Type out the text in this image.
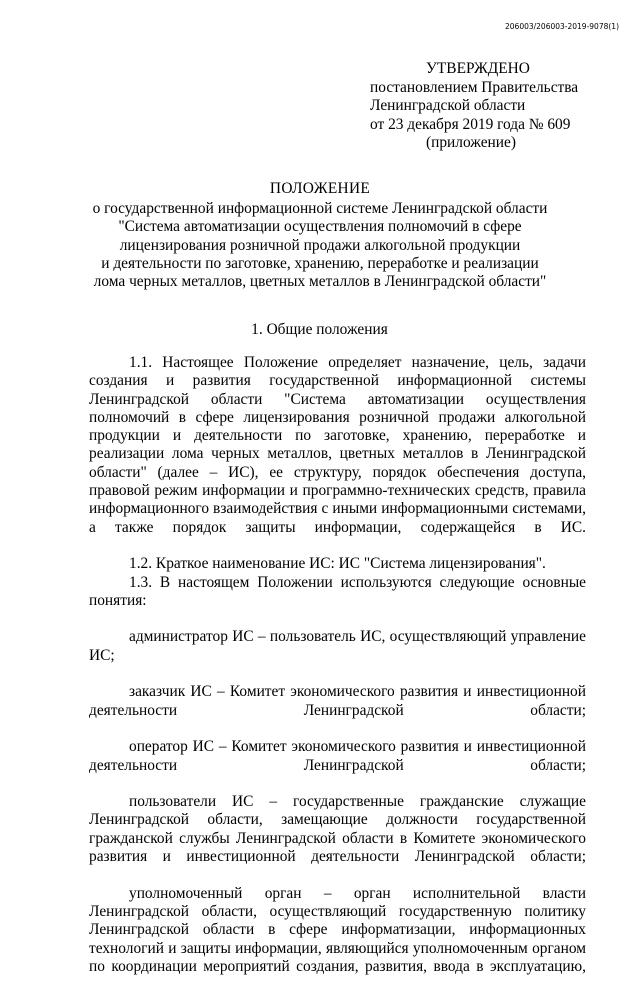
206003/206003-2019-9078(1)
УТВЕРЖДЕНО
постановлением Правительства
Ленинградской области
от 23 декабря 2019 года № 609
(приложение)
ПОЛОЖЕНИЕ
о государственной информационной системе Ленинградской области
"Система автоматизации осуществления полномочий в сфере
лицензирования розничной продажи алкогольной продукции
и деятельности по заготовке, хранению, переработке и реализации
лома черных металлов, цветных металлов в Ленинградской области"
1. Общие положения

1.1. Настоящее Положение определяет назначение, цель, задачи создания и развития государственной информационной системы Ленинградской области "Система автоматизации осуществления полномочий в сфере лицензирования розничной продажи алкогольной продукции и деятельности по заготовке, хранению, переработке и реализации лома черных металлов, цветных металлов в Ленинградской области" (далее – ИС), ее структуру, порядок обеспечения доступа, правовой режим информации и программно-технических средств, правила информационного взаимодействия с иными информационными системами, а также порядок защиты информации, содержащейся в ИС.

1.2. Краткое наименование ИС: ИС "Система лицензирования".

1.3. В настоящем Положении используются следующие основные понятия:

администратор ИС – пользователь ИС, осуществляющий управление ИС;

заказчик ИС – Комитет экономического развития и инвестиционной деятельности Ленинградской области;

оператор ИС – Комитет экономического развития и инвестиционной деятельности Ленинградской области;

пользователи ИС – государственные гражданские служащие Ленинградской области, замещающие должности государственной гражданской службы Ленинградской области в Комитете экономического развития и инвестиционной деятельности Ленинградской области;

уполномоченный орган – орган исполнительной власти Ленинградской области, осуществляющий государственную политику Ленинградской области в сфере информатизации, информационных технологий и защиты информации, являющийся уполномоченным органом по координации мероприятий создания, развития, ввода в эксплуатацию,
